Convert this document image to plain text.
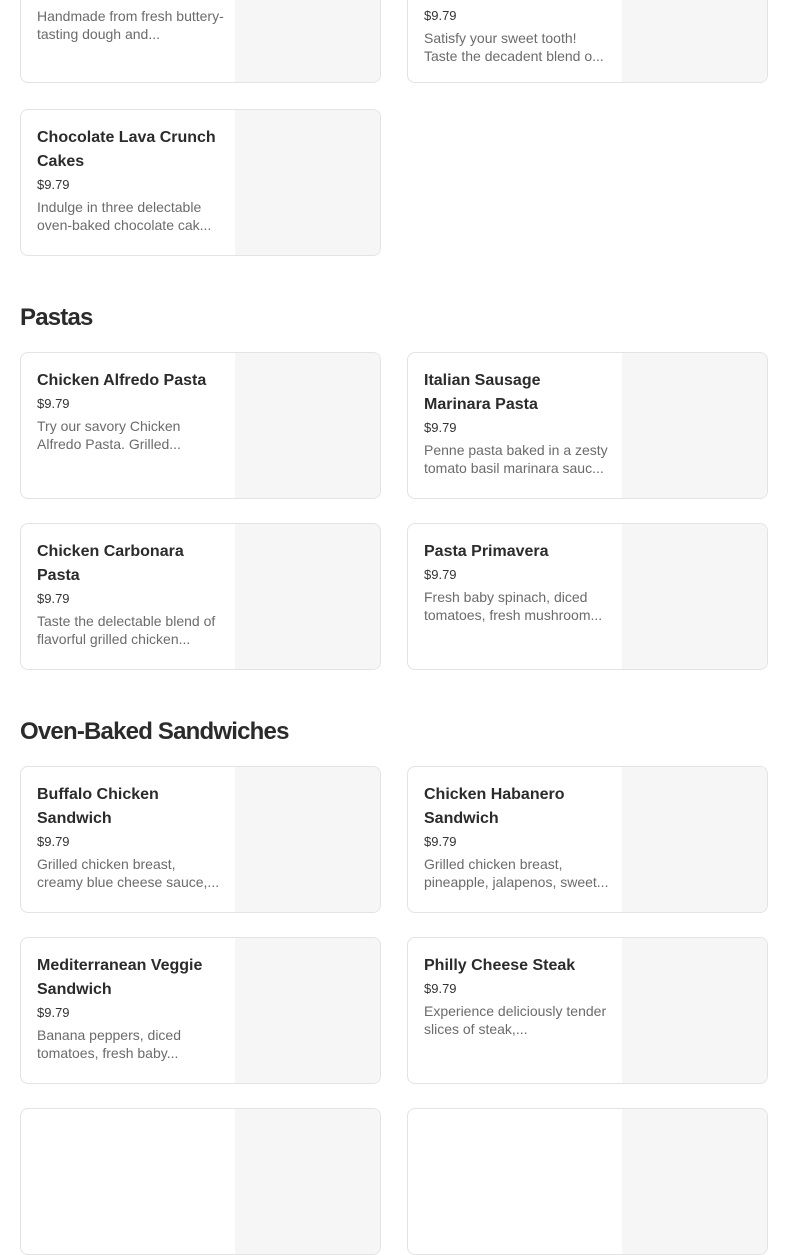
Handmade from fresh buttery-tasting dough and...
$9.79
Satisfy your sweet tooth! Taste the decadent blend o...
Chocolate Lava Crunch Cakes
$9.79
Indulge in three delectable oven-baked chocolate cak...
Pastas
Chicken Alfredo Pasta
$9.79
Try our savory Chicken Alfredo Pasta. Grilled...
Italian Sausage Marinara Pasta
$9.79
Penne pasta baked in a zesty tomato basil marinara sauc...
Chicken Carbonara Pasta
$9.79
Taste the delectable blend of flavorful grilled chicken...
Pasta Primavera
$9.79
Fresh baby spinach, diced tomatoes, fresh mushroom...
Oven-Baked Sandwiches
Buffalo Chicken Sandwich
$9.79
Grilled chicken breast, creamy blue cheese sauce,...
Chicken Habanero Sandwich
$9.79
Grilled chicken breast, pineapple, jalapenos, sweet...
Mediterranean Veggie Sandwich
$9.79
Banana peppers, diced tomatoes, fresh baby...
Philly Cheese Steak
$9.79
Experience deliciously tender slices of steak,...
